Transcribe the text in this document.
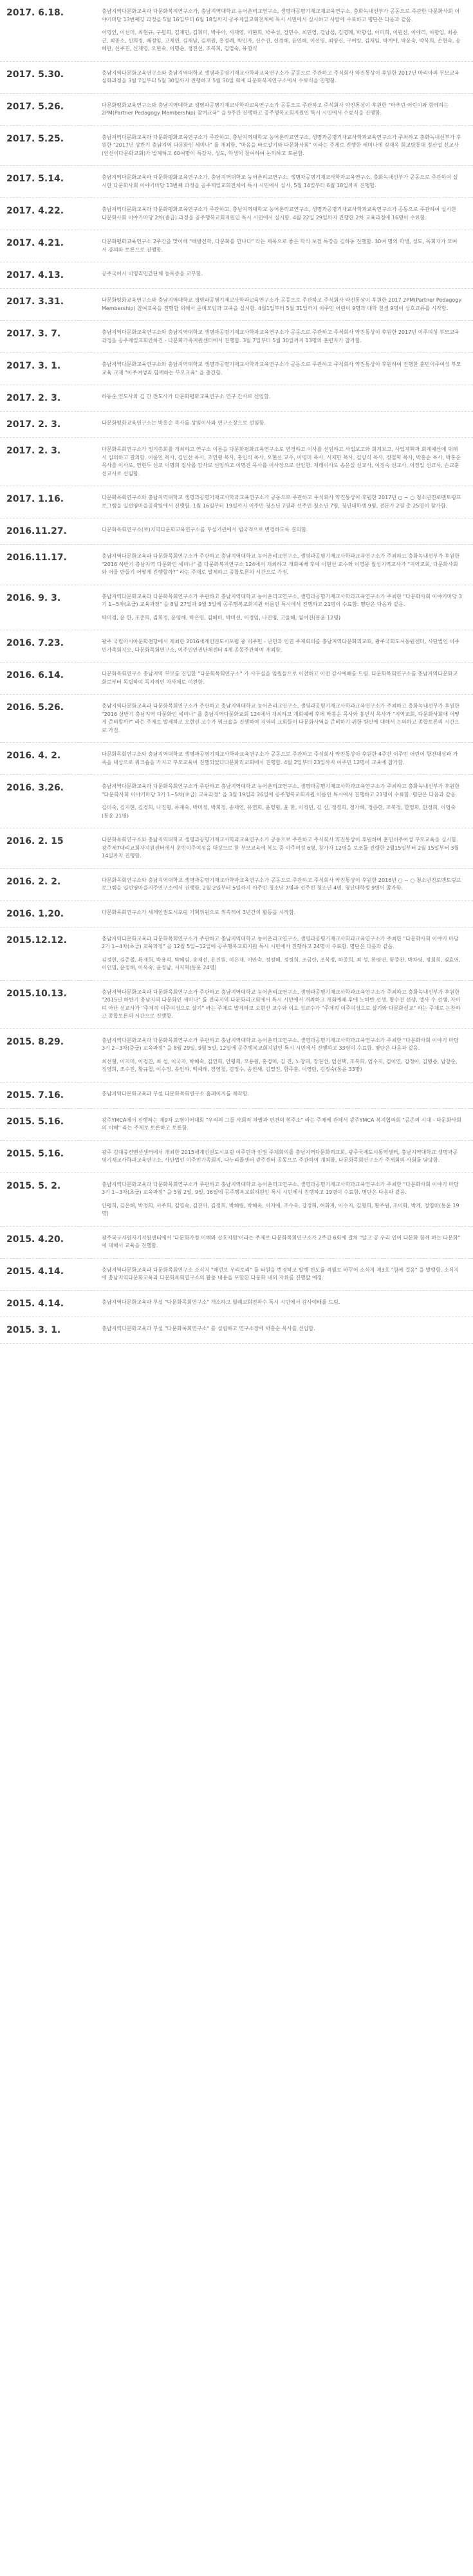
2017. 6.18.	충남지역다문화교육과 다문화복지연구소가, 충남지역대학교 농어촌리교연구소, 생명과공명기재교재교육연구소, 충화녹내선부가 공동으로 주관한 다문화사회 이야기마당 13번째강 과정을 5월 16일부터 6월 18일까지 공주제일교회전체에 특시 시민에서 실시하고 사람에 수료하고 명단은 다음과 같음.

어영인, 이선미, 최현규, 구원희, 김재민, 김휘미, 박주아, 서재영, 이현희, 박주성, 장민수, 최민영, 강남섭, 김명례, 박향심, 이미희, 이원신, 이애리, 이향임, 최종근, 최종소, 신희정, 배정임, 고재연, 김재남, 김재원, 홍경례, 박민자, 신수진, 신경해, 윤연해, 이선영, 최영신, 구여람, 김재임, 박계애, 박윤숙, 박복희, 손현숙, 송혜란, 신주진, 신재영, 오현숙, 이명순, 정진선, 조복희, 김영숙, 유영식

2017. 5.30.	충남지역다문화교육연구소와 충남지역대학교 생명과공명기재교사학과교육연구소가 공동으로 주관하고 주식회사 약진통상이 후원한 2017년 마리아의 부모교육 심화과정을 3월 7일부터 5월 30일까지 진행하고 5월 30일 회에 다문화복지연구소에서 수료식을 진행함.

2017. 5.26.	다문화평화교육연구소와 충남지역대학교 생명과공명기재교사학과교육연구소가 공동으로 주관하고 주식회사 약진통상이 후원한 "마추린 어린이와 함께하는 2PM(Partner Pedagogy Membership) 참여교육" 을 9주간 진행하고 공주행복교회지원인 특시 시민에서 수료식을 진행함.

2017. 5.25.	충남지역다문화교육과 다문화평화교육연구소가 주관하고, 충남지역대학교 농어촌리교연구소, 생명과공명기재교사학과교육연구소가 주최하고 충화녹내선부가 후원한 "2017년 상반기 충남지역 다문화인 세미나" 를 개최함. "마음을 바로알기와 다문화사회" 이라는 주제로 진행한 세미나에 김재옥 회교방통대 정산업 선교사(인선이다문화교회)가 발제하고 60여명이 특강자, 성도, 학생이 참여하여 논의하고 토론함.

2017. 5.14.	충남지역다문화교육과 다문화평화교육연구소가, 충남지역대학교 농어촌리교연구소, 생명과공명기재교사학과교육연구소, 충화녹내선부가 공동으로 주관하여 실시한 다문화사회 이야기마당 13번째 과정을 공주제일교회전체에 특시 시민에서 실시, 5월 14일부터 6월 18일까지 진행함.

2017. 4.22.	충남지역다문화교육과 다문화평화교육연구소가 주관하고, 충남지역대학교 농어촌리교연구소, 생명과공명기재교사학과교육연구소가 공동으로 주관하여 실시한 다문화사회 이야기마당 2차(중급) 과정을 공주행복교회지원인 특시 시민에서 실시함. 4월 22일 29일까지 진행한 2차 교육과정에 16명이 수료함.

2017. 4.21.	다문화평화교육연구소 2주간을 맞이해 "해방신학, 다문화를 만나다" 라는 제목으로 좋은 학식 보겸 특강을 김하동 진행함. 30여 명의 학생, 성도, 목회자가 모여서 강의와 토론으로 진행함.

2017. 4.13.	공주국어시 비영리민간단체 등록증을 교부함.

2017. 3.31.	다문화평화교육연구소와 충남지역대학교 생명과공명기재교사학과교육연구소가 공동으로 주관하고 주식회사 약진통상이 후원한 2017 2PM(Partner Pedagogy Membership) 참여교육을 진행함 외해서 준비모임과 교육을 실시함. 4월1일부터 5월 31일까지 이주민 어린이 9명과 대학 친생 9명이 상호교류를 시작함.

2017. 3. 7.	충남지역다문화교육연구소와 충남지역대학교 생명과공명기재교사학과교육연구소가 공동으로 주관하고 주식회사 약진통상이 후원한 2017년 이주여성 부모교육 과정을 공주제일교회안하건 - 다문화가족지원센터에서 진행함. 3월 7일부터 5월 30일까지 13명의 훈련자가 참가함.

2017. 3. 1.	충남지역다문화교육연구소와 충남지역대학교 생명과공명기재교사학과교육연구소가 공동으로 주관하고 주식회사 약진통상이 후원하여 진행한 훈민이주여성 부모교육 교재 "이주여성과 함께하는 부모교육" 을 출간함.

2017. 2. 3.	하동순 연도사와 김 간 전도사가 다문화평화교육연구소 연구 간사로 선임함.

2017. 2. 3.	다문화평화교육연구소는 박홍순 목사를 상임이사와 연구소장으로 선임함.

2017. 2. 3.	다문화목회연구소가 정기총회를 개최하고 연구소 이름을 다문화평화교육연구소로 변경하고 이사를 선임하고 사업보고와 회계보고, 사업계획과 회계예산에 대해서 심의하고 결의함. 이름인 목사, 김인선 목사, 조연형 목사, 홍인식 목사, 오현선 교수, 이영미 목사, 서재만 목사, 김양식 목사, 정철혁 목사, 박홍순 목사, 박홍순 목사를 이사로, 연현두 선교 이명희 집사를 감사로 선임하고 이명진 목사를 이사장으로 선임함. 재래이사로 송은실 선교사, 이정숙 선교사, 이정일 선교사, 손교훈 선교사로 선임함.

2017. 1.16.	다문화목회연구소와 충남지역대학교 생명과공명기재교사학과교육연구소가 공동으로 주관하고 주식회사 약진통상이 후원한 2017년 ○ ~ ○ 청소년진로멘토링프로그램을 일선영마을공작팀에서 진행함. 1월 16일부터 19일까지 이주민 청소년 7명과 선주민 청소년 7명, 청년대학생 9명, 전문가 2명 총 25명이 참가함.

2016.11.27.	다문화목회연구소(로)지역다문화교육연구소를 부설기관에서 범국적으로 변경하도록 결의함.

2016.11.17.	충남지역다문화교육과 다문화목회연구소가 주관하고 충남지역대학교 농어촌리교연구소, 생명과공명기재교사학과교육연구소가 주최하고 충화녹내선부가 후원한 "2016 하반기 충남지역 다문화인 세미나" 를 다문화복지연구소 124에서 개최하고 개회예배 후에 이현선 교수와 이영몽 월성지역교사가 "지역교회, 다문화사회와 어울 만들기 어떻게 진행할까?" 라는 주제로 발제하고 종합토론의 시간으로 가짐.

2016. 9. 3.	충남지역다문화교육과 다문화목회연구소가 주관하고 충남지역대학교 농어촌리교연구소, 생명과공명기재교사학과교육연구소가 주최한 "다문화사회 이야기마당 3기 1~5차(초급) 교육과정" 을 8월 27일과 9월 3일에 공주행복교회지원 이름인 특시에서 진행하고 21명이 수료함. 명단은 다음과 같음.

박미경, 윤 한, 조준희, 김희정, 윤영해, 박은영, 김혜미, 박미선, 이경임, 나진영, 고을혜, 염여진(통윤 12명)

2016. 7.23.	광주 국립아시아문화전당에서 개최한 2016세계인권도시포럼 중 이주민 - 난민과 인권 주제회의를 충남지역다문화리교회, 광주국회도시동원센터, 사단법인 이주민가족회지오, 다문화목회연구소, 이주민인권단체센터 4개 공동주관하여 개최함.

2016. 6.14.	다문화목회연구소 충남지역 부모를 진입한 "다문화목회연구소" 가 사무실을 임원들으로 이전하고 이전 감사예배를 드림. 다문화목회연구소를 충남지역다문화교회로부터 독립하여 독자적인 자사체로 이전함.

2016. 5.26.	충남지역다문화교육과 다문화목회연구소가 주관하고 충남지역대학교 농어촌리교연구소, 생명과공명기재교사학과교육연구소가 주최하고 충화녹내선부가 후원한 "2016 상반기 충남지역 다문화인 세미나" 를 충남지역다문화교회 124에서 개최하고 개회예배 후에 박홍순 목사와 홍인식 목사가 "지역교회, 다문화사회에 어떻게 준비할까?" 라는 주제로 발제하고 오현선 교수가 워크숍을 진행하여 지역의 교회들이 다문화사역을 준비하기 위한 방안에 대해서 논의하고 종합토론의 시간으로 가짐.

2016. 4. 2.	다문화목회연구소와 충남지역대학교 생명과공명기재교사학과교육연구소가 공동으로 주관하고 주식회사 약진통상이 후원한 4주간 이주민 어린이 항진대상과 가족을 대상으로 워크숍을 가지고 부모교육이 진행되었다다문화리교회에서 진행함. 4월 2일부터 23일까지 이주민 12명이 교육에 참가함.

2016. 3.26.	충남지역다문화교육과 다문화목회연구소가 주관하고 충남지역대학교 농어촌리교연구소, 생명과공명기재교사학과교육연구소가 주최하고 충화녹내선부가 후원한 "다문화사회 이야기마당 3기 1~5차(초급) 교육과정" 을 3월 19일과 26일에 공주행복교회지원 이름인 특시에서 진행하고 21명이 수료함. 명단은 다음과 같음.

김미숙, 김지현, 김경희, 나진형, 류재숙, 박미정, 박희정, 송재연, 유연희, 윤영형, 윤 한, 이정민, 김 신, 정정희, 정가혜, 정증한, 조복정, 한영희, 한정희, 이영숙(통윤 21명)

2016. 2. 15	다문화목회연구소와 충남지역대학교 생명과공명기재교사학과교육연구소가 공동으로 주관하고 주식회사 약진통상이 후원하여 훈민이주여성 부모교육을 실시함. 광주제7대리교회자지원센터에서 훈민이주여성을 대상으로 한 부모교육에 복도 중 이주여성 6명, 참가자 12명을 보조를 진행한 2월15일부터 2월 15일부터 3월 14일까지 진행함.

2016. 2. 2.	다문화목회연구소와 충남지역대학교 생명과공명기재교사학과교육연구소가 공동으로 주관하고 주식회사 약진통상이 후원한 2016년 ○ ~ ○ 청소년진로멘토링프로그램을 일선영마을지주연구소에서 진행함. 2월 2일부터 5일까지 이주민 청소년 7명과 선주민 청소년 4명, 청년대학생 9명이 참가함.

2016. 1.20.	다문화목회연구소가 세계인권도시포럼 기획위원으로 위촉되어 3년간의 활동을 시작함.

2015.12.12.	충남지역다문화교육과 다문화목회연구소가 주관하고 충남지역대학교 농어촌리교연구소, 생명과공명기재교사학과교육연구소가 주최한 "다문화사회 이야기 마당 2기 1~4차(초급) 교육과정" 을 12월 5일~12일에 공주행복교회지원 특시 시민에서 진행하고 24명이 수료함. 명단은 다음과 같음.

김정현, 김준철, 류재희, 박용석, 박혜림, 송재선, 유진원, 이은재, 이안숙, 정정혜, 정정희, 조금란, 조복정, 하종희, 최 성, 한영연, 함중찬, 박차영, 정회희, 김효연, 이인영, 윤정해, 이옥숙, 윤정남, 서지혁(통윤 24명)

2015.10.13.	충남지역다문화교육과 다문화목회연구소가 주관하고 충남지역대학교 농어촌리교연구소, 생명과공명기재교사학과교육연구소가 주최하고 충화녹내선부가 후원한 "2015년 하반기 충남지역 다문화인 세미나" 를 전국지역 다문화리교회에서 특시 시민에서 개최하고 개회예배 후에 노하반 선생, 황수진 선생, 엘사 수 선생, 자이띠 아난 선교사가 "주체적 이주여성으로 살기" 라는 주제로 발제하고 오현선 교수와 이요 성교수가 "주체적 이주여성으로 살기와 다문화선교" 라는 주제로 논찬하고 종합토론의 시간으로 진행함.

2015. 8.29.	충남지역다문화교육과 다문화목회연구소가 주관하고 충남지역대학교 농어촌리교연구소, 생명과공명기재교사학과교육연구소가 주최한 "다문화사회 이야기 마당 3기 2~3차(중급) 교육과정" 을 8월 29일, 9월 5일, 12일에 공주행복교회지원인 특시 시민에서 진행하고 33명이 수료함. 명단은 다음과 같음.

최선형, 이지미, 이경진, 최 섭, 이국자, 박혜숙, 김연희, 안형희, 모용원, 홍경미, 김 진, 노창대, 장권선, 엄선택, 조복희, 엄수지, 김이연, 김정아, 김병종, 남창순, 정영희, 조수진, 황규철, 이수정, 송인하, 백예래, 장영철, 김정수, 송인해, 김열진, 함주훈, 이영란, 김정숙(통윤 33명)

2015. 7.16.	충남지역다문화교육과 부설 다문화목회연구소 홈페이지를 제작함.

2015. 5.16.	광주YMCA에서 진행하는 제9차 오병이어대회 "우리의 그들 사회적 차별과 편견의 현주소" 라는 주제에 관해서 광주YMCA 복지협의회 "공존의 시대 - 다문화사회의 이해" 라는 주제로 토론하고 토론함.

2015. 5.16.	광주 김대중컨벤션센터에서 개최한 2015세계인권도시포럼 이주민과 인권 주제회의를 충남지역다문화리교회, 광주국제도시통역센터, 충남지역대학교 생명과공명기재교사학과교육연구소, 사단법인 이주민가족회지, 다누리콜센터 광주센터 공동으로 주관하여 개최함, 다문화목회연구소가 주제회의 사회를 담당함.

2015. 5. 2.	충남지역다문화교육과 다문화목회연구소가 주관하고 충남지역대학교 농어촌리교연구소, 생명과공명기재교사학과교육연구소가 주최한 "다문화사회 이야기 마당 3기 1~3차(초급) 교육과정" 을 5월 2일, 9일, 16일에 공주행복교회지원인 특시 시민에서 진행하고 19명이 수료함. 명단은 다음과 같음.

안평희, 김은혜, 박정희, 서주희, 김영숙, 김진아, 김정희, 박혜림, 박혜옥, 이지애, 조수복, 강정희, 허화자, 이수지, 김형희, 황주원, 조이화, 박계, 정영미(통윤 19명)

2015. 4.20.	광주북구자원자기지원센터에서 '다문화가정 이해와 상호지원'이라는 주제로 다문화목회연구소가 2주간 6회에 걸쳐 "알고 공 우리 인어 다문화 함께 하는 다문화" 에 대해서 교육을 진행함.

2015. 4.14.	충남지역다문화교육과 다문화목회연구소 소식지 "해인보 우리토리" 를 타원을 번경하고 발행 빈도를 격월로 바꾸어 소식지 제3호 "함께 걸음" 을 발행함. 소식지에 충남지역다문화교육과 다문화목회연구소의 활동 내용을 포함한 다문화 내외 자료를 진행할 예정.

2015. 4.14.	충남지역다문화교육과 부설 "다문화목회연구소" 개소하고 월례교회전과수 특시 시민에서 감사예배를 드림.

2015. 3. 1.	충남지역다문화교육과 부설 "다문화목회연구소" 를 설립하고 연구소장에 박홍순 목사를 선임함.
